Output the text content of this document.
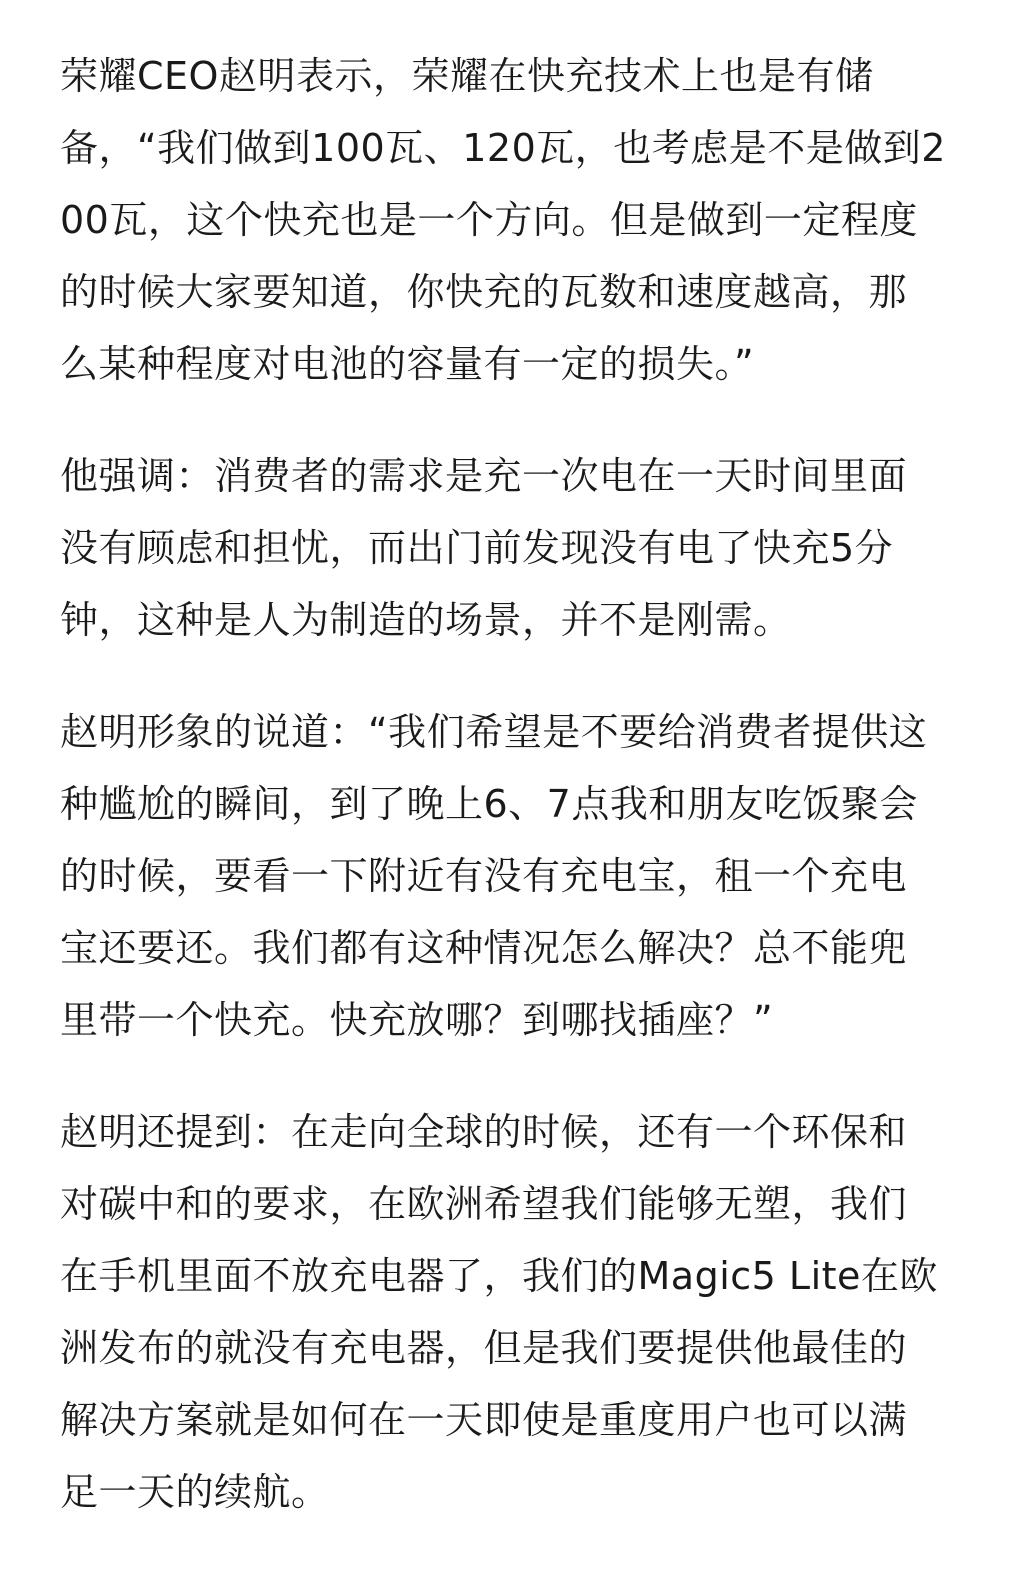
荣耀CEO赵明表示，荣耀在快充技术上也是有储
备，“我们做到100瓦、120瓦，也考虑是不是做到2
00瓦，这个快充也是一个方向。但是做到一定程度
的时候大家要知道，你快充的瓦数和速度越高，那
么某种程度对电池的容量有一定的损失。”

他强调：消费者的需求是充一次电在一天时间里面
没有顾虑和担忧，而出门前发现没有电了快充5分
钟，这种是人为制造的场景，并不是刚需。

赵明形象的说道：“我们希望是不要给消费者提供这
种尴尬的瞬间，到了晚上6、7点我和朋友吃饭聚会
的时候，要看一下附近有没有充电宝，租一个充电
宝还要还。我们都有这种情况怎么解决？总不能兜
里带一个快充。快充放哪？到哪找插座？”

赵明还提到：在走向全球的时候，还有一个环保和
对碳中和的要求，在欧洲希望我们能够无塑，我们
在手机里面不放充电器了，我们的Magic5 Lite在欧
洲发布的就没有充电器，但是我们要提供他最佳的
解决方案就是如何在一天即使是重度用户也可以满
足一天的续航。
